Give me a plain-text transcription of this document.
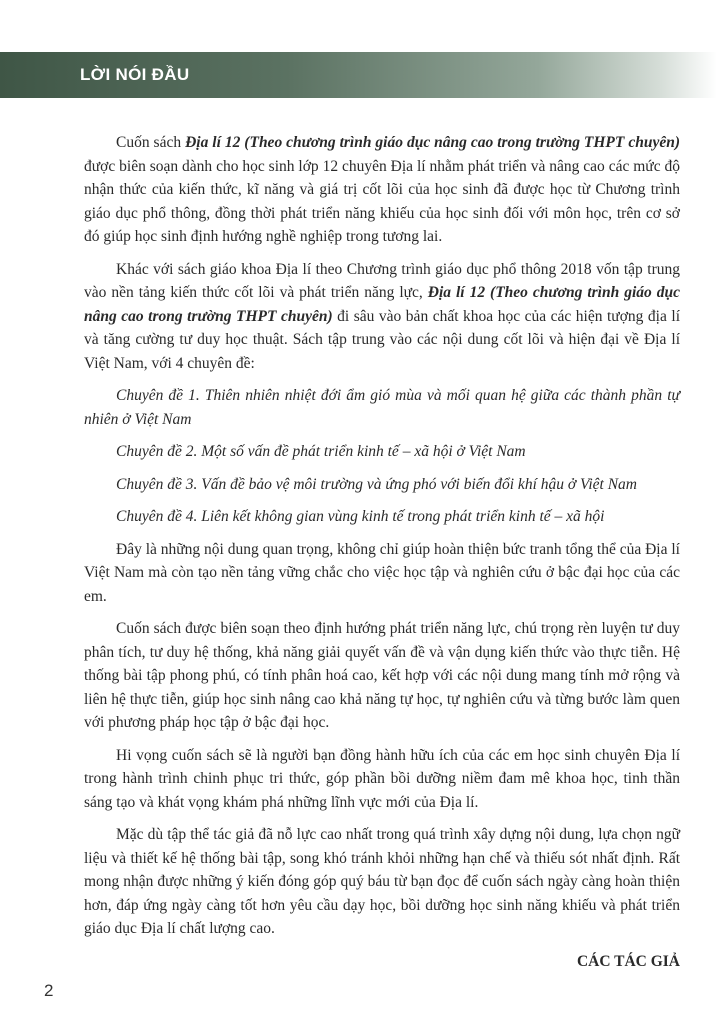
LỜI NÓI ĐẦU

Cuốn sách Địa lí 12 (Theo chương trình giáo dục nâng cao trong trường THPT chuyên) được biên soạn dành cho học sinh lớp 12 chuyên Địa lí nhằm phát triển và nâng cao các mức độ nhận thức của kiến thức, kĩ năng và giá trị cốt lõi của học sinh đã được học từ Chương trình giáo dục phổ thông, đồng thời phát triển năng khiếu của học sinh đối với môn học, trên cơ sở đó giúp học sinh định hướng nghề nghiệp trong tương lai.

Khác với sách giáo khoa Địa lí theo Chương trình giáo dục phổ thông 2018 vốn tập trung vào nền tảng kiến thức cốt lõi và phát triển năng lực, Địa lí 12 (Theo chương trình giáo dục nâng cao trong trường THPT chuyên) đi sâu vào bản chất khoa học của các hiện tượng địa lí và tăng cường tư duy học thuật. Sách tập trung vào các nội dung cốt lõi và hiện đại về Địa lí Việt Nam, với 4 chuyên đề:

Chuyên đề 1. Thiên nhiên nhiệt đới ẩm gió mùa và mối quan hệ giữa các thành phần tự nhiên ở Việt Nam

Chuyên đề 2. Một số vấn đề phát triển kinh tế – xã hội ở Việt Nam

Chuyên đề 3. Vấn đề bảo vệ môi trường và ứng phó với biến đổi khí hậu ở Việt Nam

Chuyên đề 4. Liên kết không gian vùng kinh tế trong phát triển kinh tế – xã hội

Đây là những nội dung quan trọng, không chỉ giúp hoàn thiện bức tranh tổng thể của Địa lí Việt Nam mà còn tạo nền tảng vững chắc cho việc học tập và nghiên cứu ở bậc đại học của các em.

Cuốn sách được biên soạn theo định hướng phát triển năng lực, chú trọng rèn luyện tư duy phân tích, tư duy hệ thống, khả năng giải quyết vấn đề và vận dụng kiến thức vào thực tiễn. Hệ thống bài tập phong phú, có tính phân hoá cao, kết hợp với các nội dung mang tính mở rộng và liên hệ thực tiễn, giúp học sinh nâng cao khả năng tự học, tự nghiên cứu và từng bước làm quen với phương pháp học tập ở bậc đại học.

Hi vọng cuốn sách sẽ là người bạn đồng hành hữu ích của các em học sinh chuyên Địa lí trong hành trình chinh phục tri thức, góp phần bồi dưỡng niềm đam mê khoa học, tinh thần sáng tạo và khát vọng khám phá những lĩnh vực mới của Địa lí.

Mặc dù tập thể tác giả đã nỗ lực cao nhất trong quá trình xây dựng nội dung, lựa chọn ngữ liệu và thiết kế hệ thống bài tập, song khó tránh khỏi những hạn chế và thiếu sót nhất định. Rất mong nhận được những ý kiến đóng góp quý báu từ bạn đọc để cuốn sách ngày càng hoàn thiện hơn, đáp ứng ngày càng tốt hơn yêu cầu dạy học, bồi dưỡng học sinh năng khiếu và phát triển giáo dục Địa lí chất lượng cao.

CÁC TÁC GIẢ
2
